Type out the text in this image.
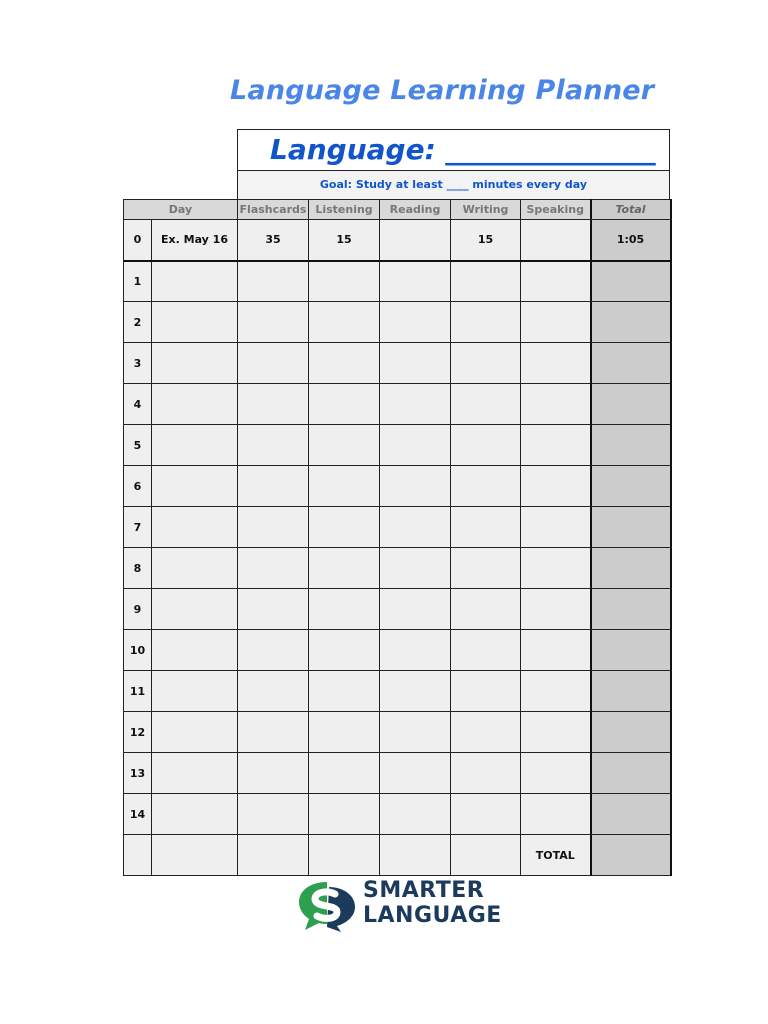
Language Learning Planner
Language: _______________
Goal: Study at least ____ minutes every day
Day		Flashcards	Listening	Reading	Writing	Speaking	Total
0	Ex. May 16	35	15		15		1:05
1							
2							
3							
4							
5							
6							
7							
8							
9							
10							
11							
12							
13							
14							
						TOTAL	
SMARTER
LANGUAGE
